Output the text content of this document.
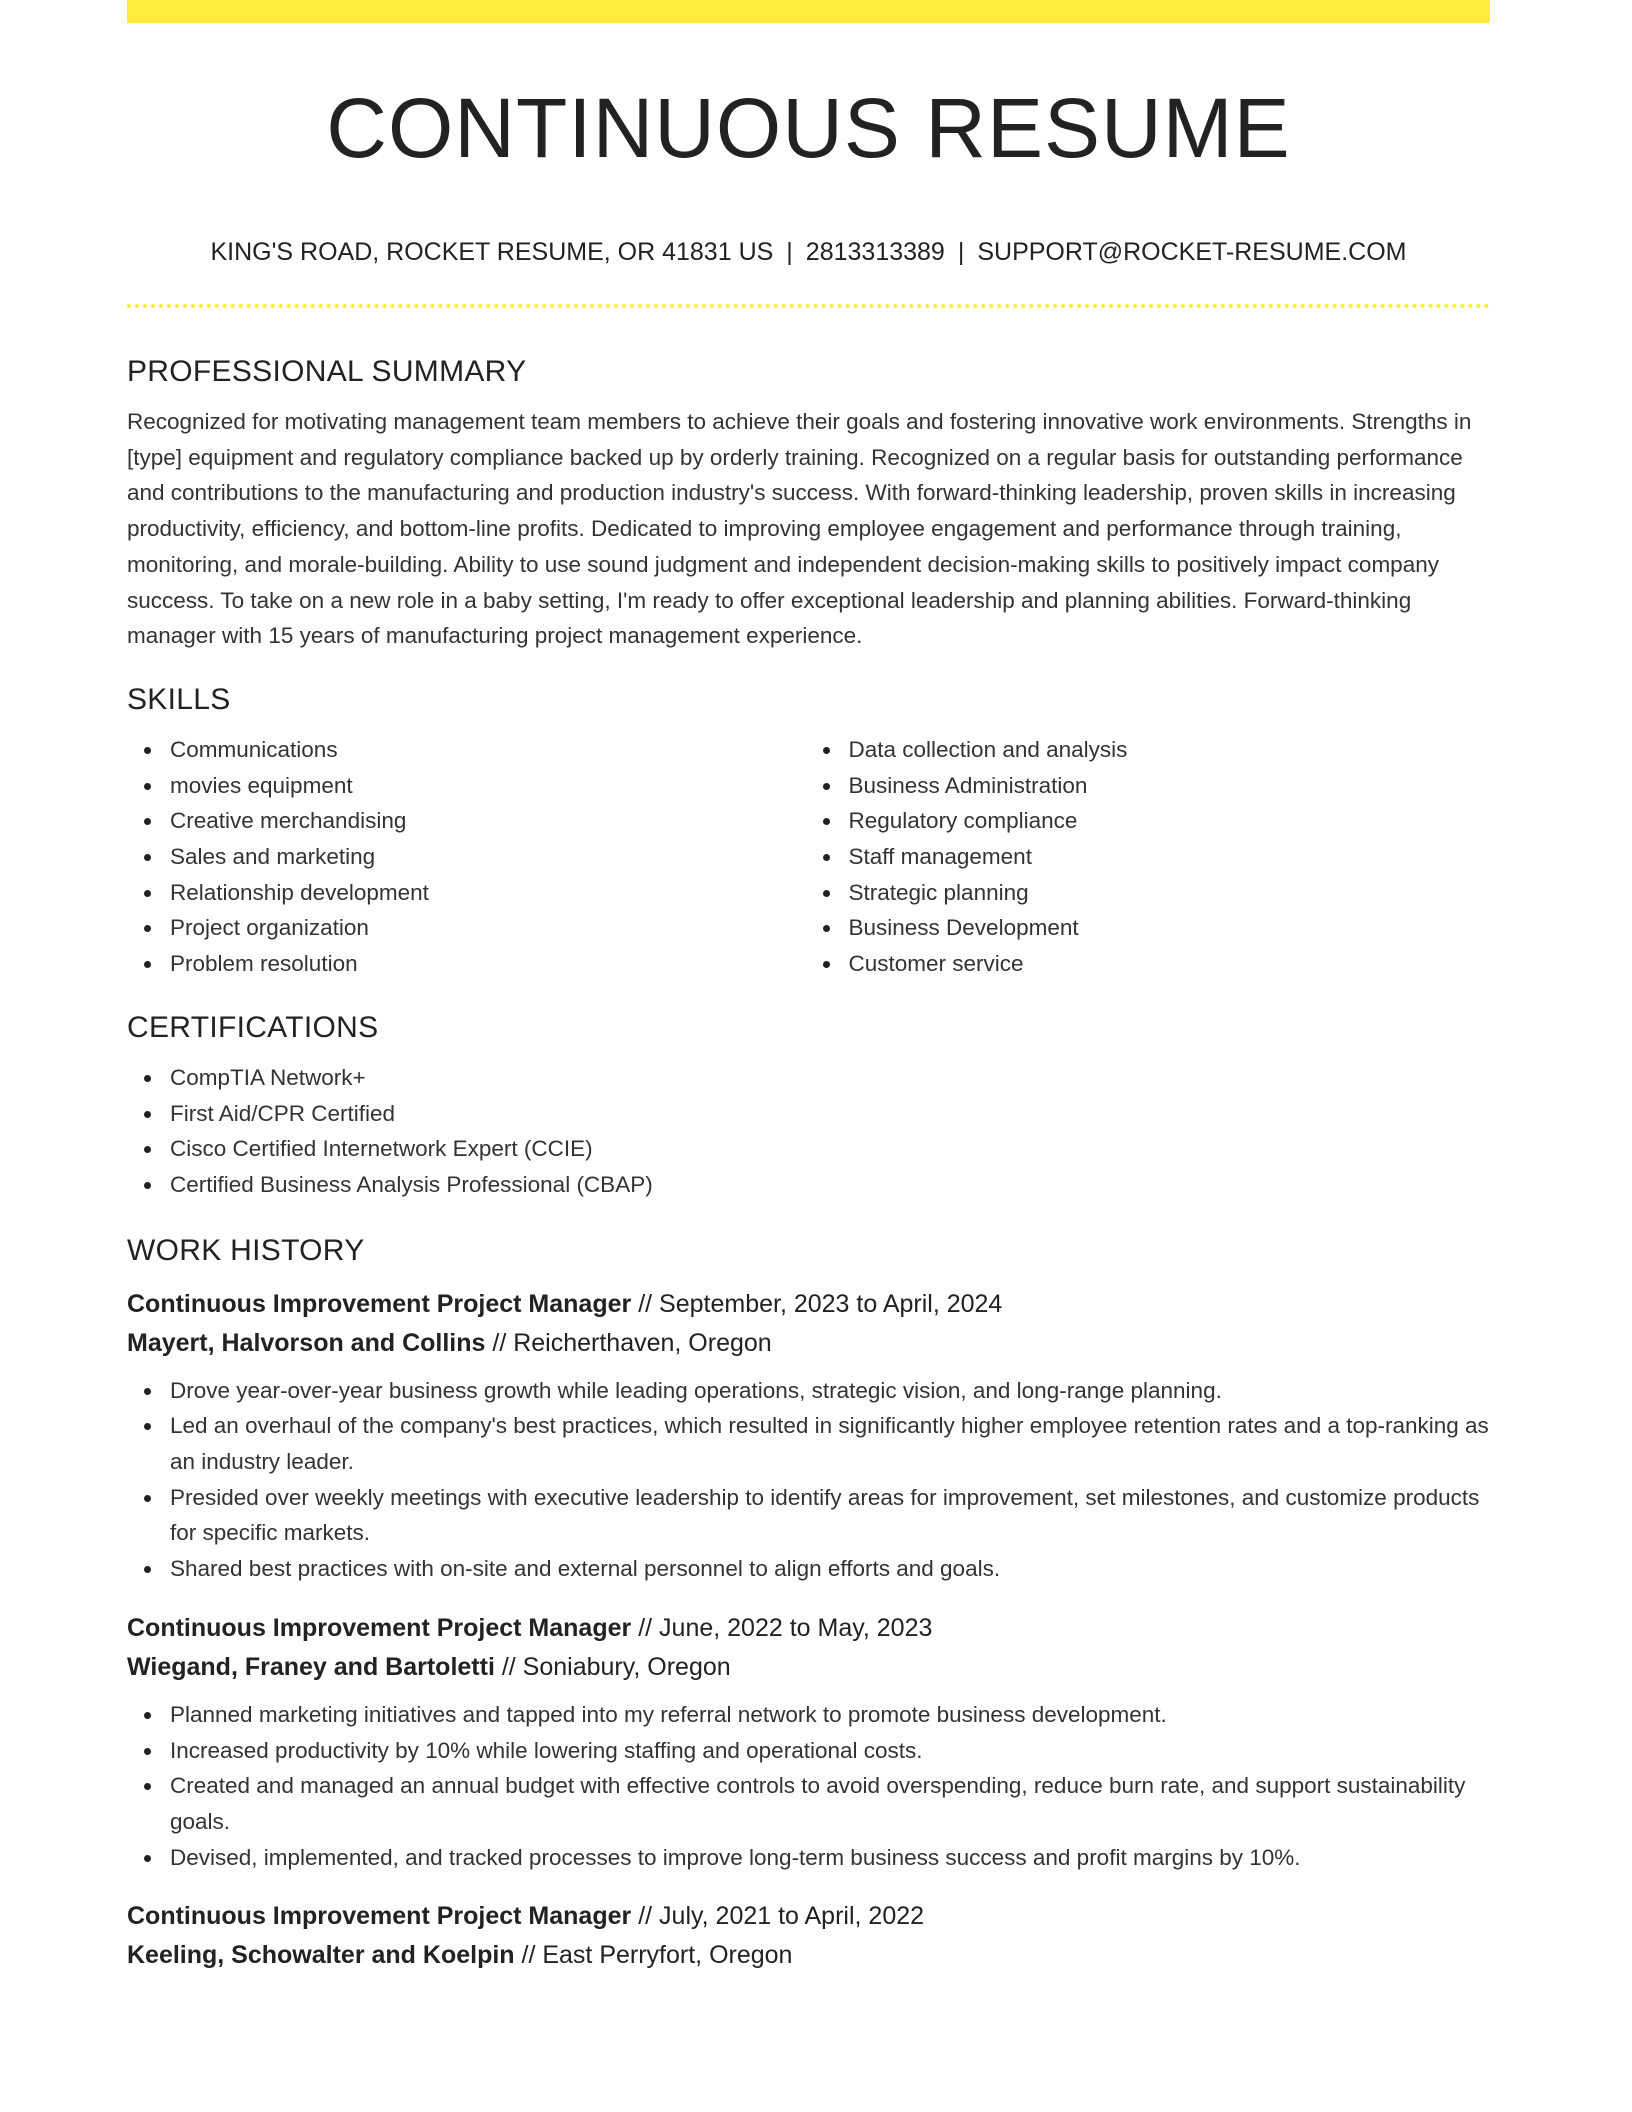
CONTINUOUS RESUME
KING'S ROAD, ROCKET RESUME, OR 41831 US | 2813313389 | SUPPORT@ROCKET-RESUME.COM
PROFESSIONAL SUMMARY

Recognized for motivating management team members to achieve their goals and fostering innovative work environments. Strengths in [type] equipment and regulatory compliance backed up by orderly training. Recognized on a regular basis for outstanding performance and contributions to the manufacturing and production industry's success. With forward-thinking leadership, proven skills in increasing productivity, efficiency, and bottom-line profits. Dedicated to improving employee engagement and performance through training, monitoring, and morale-building. Ability to use sound judgment and independent decision-making skills to positively impact company success. To take on a new role in a baby setting, I'm ready to offer exceptional leadership and planning abilities. Forward-thinking manager with 15 years of manufacturing project management experience.

SKILLS
Communications
movies equipment
Creative merchandising
Sales and marketing
Relationship development
Project organization
Problem resolution
Data collection and analysis
Business Administration
Regulatory compliance
Staff management
Strategic planning
Business Development
Customer service
CERTIFICATIONS
CompTIA Network+
First Aid/CPR Certified
Cisco Certified Internetwork Expert (CCIE)
Certified Business Analysis Professional (CBAP)
WORK HISTORY
Continuous Improvement Project Manager // September, 2023 to April, 2024
Mayert, Halvorson and Collins // Reicherthaven, Oregon
Drove year-over-year business growth while leading operations, strategic vision, and long-range planning.
Led an overhaul of the company's best practices, which resulted in significantly higher employee retention rates and a top-ranking as an industry leader.
Presided over weekly meetings with executive leadership to identify areas for improvement, set milestones, and customize products for specific markets.
Shared best practices with on-site and external personnel to align efforts and goals.
Continuous Improvement Project Manager // June, 2022 to May, 2023
Wiegand, Franey and Bartoletti // Soniabury, Oregon
Planned marketing initiatives and tapped into my referral network to promote business development.
Increased productivity by 10% while lowering staffing and operational costs.
Created and managed an annual budget with effective controls to avoid overspending, reduce burn rate, and support sustainability goals.
Devised, implemented, and tracked processes to improve long-term business success and profit margins by 10%.
Continuous Improvement Project Manager // July, 2021 to April, 2022
Keeling, Schowalter and Koelpin // East Perryfort, Oregon
